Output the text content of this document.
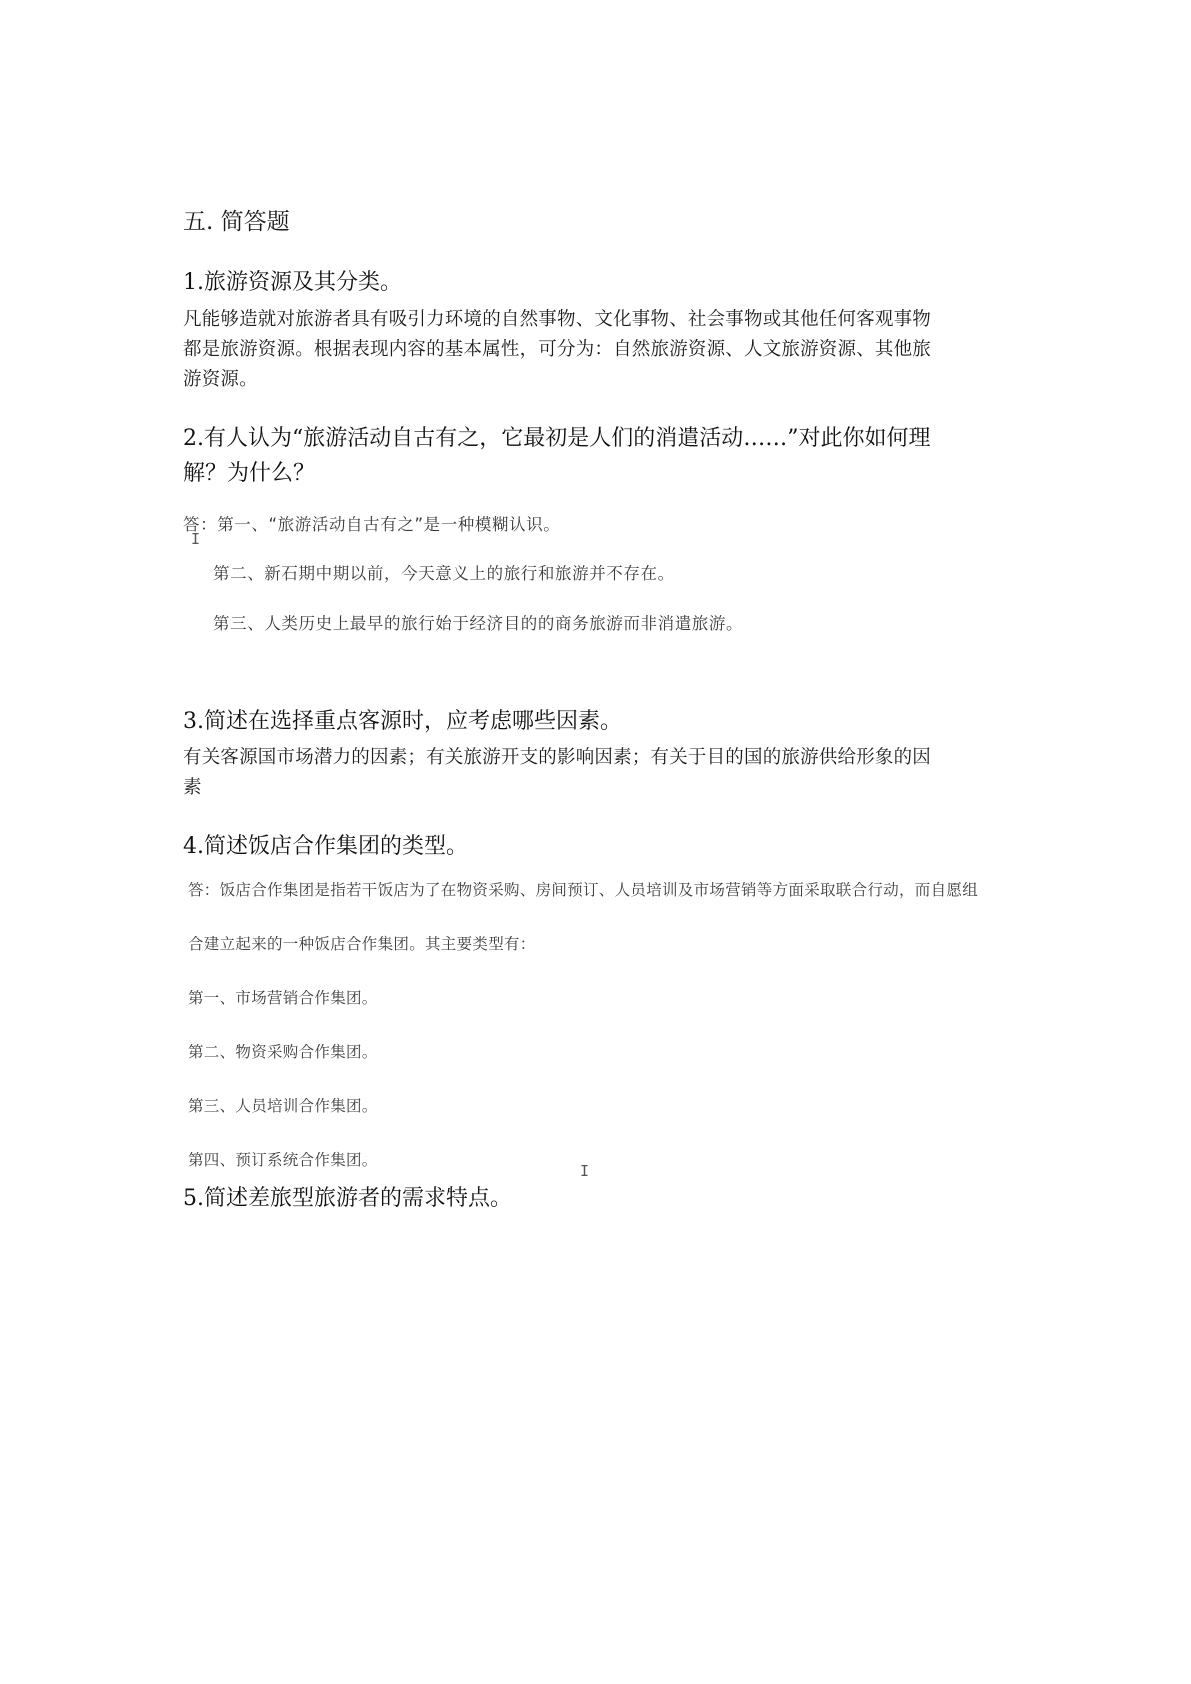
五. 简答题
1.旅游资源及其分类。
凡能够造就对旅游者具有吸引力环境的自然事物、文化事物、社会事物或其他任何客观事物
都是旅游资源。根据表现内容的基本属性，可分为：自然旅游资源、人文旅游资源、其他旅
游资源。
2.有人认为“旅游活动自古有之，它最初是人们的消遣活动……”对此你如何理
解？为什么？
答：第一、“旅游活动自古有之”是一种模糊认识。
I
第二、新石期中期以前，今天意义上的旅行和旅游并不存在。
第三、人类历史上最早的旅行始于经济目的的商务旅游而非消遣旅游。
3.简述在选择重点客源时，应考虑哪些因素。
有关客源国市场潜力的因素；有关旅游开支的影响因素；有关于目的国的旅游供给形象的因
素
4.简述饭店合作集团的类型。
答：饭店合作集团是指若干饭店为了在物资采购、房间预订、人员培训及市场营销等方面采取联合行动，而自愿组
合建立起来的一种饭店合作集团。其主要类型有：
第一、市场营销合作集团。
第二、物资采购合作集团。
第三、人员培训合作集团。
第四、预订系统合作集团。
I
5.简述差旅型旅游者的需求特点。
